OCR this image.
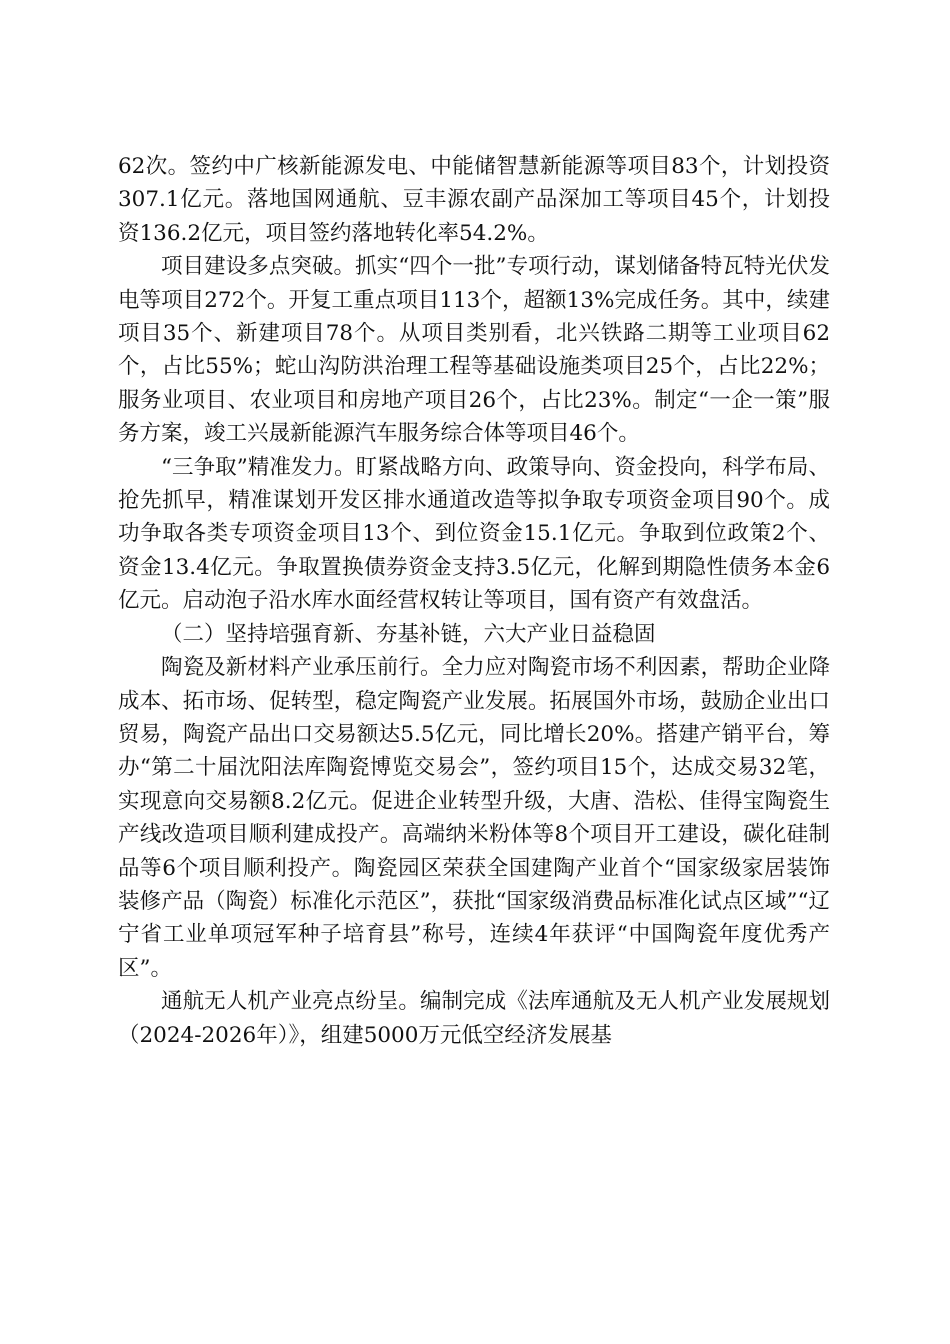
62次。签约中广核新能源发电、中能储智慧新能源等项目83个，计划投资307.1亿元。落地国网通航、豆丰源农副产品深加工等项目45个，计划投资136.2亿元，项目签约落地转化率54.2%。

项目建设多点突破。抓实“四个一批”专项行动，谋划储备特瓦特光伏发电等项目272个。开复工重点项目113个，超额13%完成任务。其中，续建项目35个、新建项目78个。从项目类别看，北兴铁路二期等工业项目62个，占比55%；蛇山沟防洪治理工程等基础设施类项目25个，占比22%；服务业项目、农业项目和房地产项目26个，占比23%。制定“一企一策”服务方案，竣工兴晟新能源汽车服务综合体等项目46个。

“三争取”精准发力。盯紧战略方向、政策导向、资金投向，科学布局、抢先抓早，精准谋划开发区排水通道改造等拟争取专项资金项目90个。成功争取各类专项资金项目13个、到位资金15.1亿元。争取到位政策2个、资金13.4亿元。争取置换债券资金支持3.5亿元，化解到期隐性债务本金6亿元。启动泡子沿水库水面经营权转让等项目，国有资产有效盘活。

（二）坚持培强育新、夯基补链，六大产业日益稳固

陶瓷及新材料产业承压前行。全力应对陶瓷市场不利因素，帮助企业降成本、拓市场、促转型，稳定陶瓷产业发展。拓展国外市场，鼓励企业出口贸易，陶瓷产品出口交易额达5.5亿元，同比增长20%。搭建产销平台，筹办“第二十届沈阳法库陶瓷博览交易会”，签约项目15个，达成交易32笔，实现意向交易额8.2亿元。促进企业转型升级，大唐、浩松、佳得宝陶瓷生产线改造项目顺利建成投产。高端纳米粉体等8个项目开工建设，碳化硅制品等6个项目顺利投产。陶瓷园区荣获全国建陶产业首个“国家级家居装饰装修产品（陶瓷）标准化示范区”，获批“国家级消费品标准化试点区域”“辽宁省工业单项冠军种子培育县”称号，连续4年获评“中国陶瓷年度优秀产区”。

通航无人机产业亮点纷呈。编制完成《法库通航及无人机产业发展规划（2024-2026年）》，组建5000万元低空经济发展基
